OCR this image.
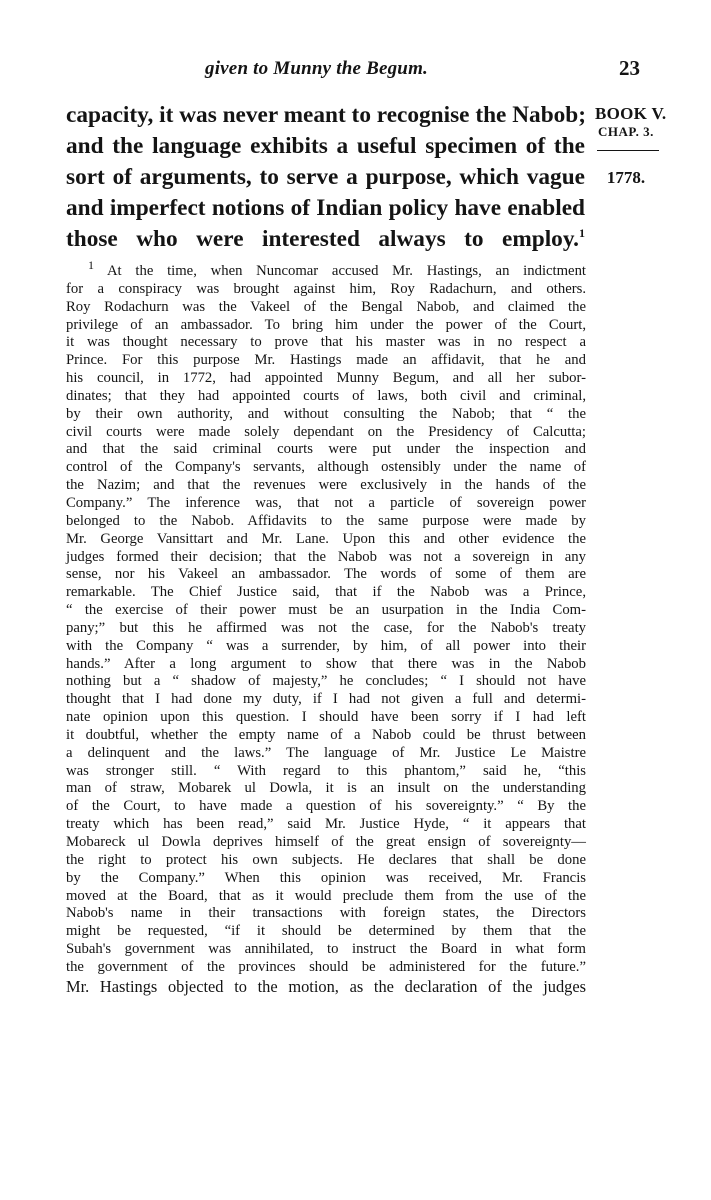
given to Munny the Begum.	23
capacity, it was never meant to recognise the Nabob;
and the language exhibits a useful specimen of the
sort of arguments, to serve a purpose, which vague
and imperfect notions of Indian policy have enabled
those who were interested always to employ.$^1$
BOOK V.
CHAP. 3.
1778.
$^1$ At the time, when Nuncomar accused Mr. Hastings, an indictment
for a conspiracy was brought against him, Roy Radachurn, and others.
Roy Rodachurn was the Vakeel of the Bengal Nabob, and claimed the
privilege of an ambassador. To bring him under the power of the Court,
it was thought necessary to prove that his master was in no respect a
Prince. For this purpose Mr. Hastings made an affidavit, that he and
his council, in 1772, had appointed Munny Begum, and all her subor-
dinates; that they had appointed courts of laws, both civil and criminal,
by their own authority, and without consulting the Nabob; that “ the
civil courts were made solely dependant on the Presidency of Calcutta;
and that the said criminal courts were put under the inspection and
control of the Company's servants, although ostensibly under the name of
the Nazim; and that the revenues were exclusively in the hands of the
Company.” The inference was, that not a particle of sovereign power
belonged to the Nabob. Affidavits to the same purpose were made by
Mr. George Vansittart and Mr. Lane. Upon this and other evidence the
judges formed their decision; that the Nabob was not a sovereign in any
sense, nor his Vakeel an ambassador. The words of some of them are
remarkable. The Chief Justice said, that if the Nabob was a Prince,
“ the exercise of their power must be an usurpation in the India Com-
pany;” but this he affirmed was not the case, for the Nabob's treaty
with the Company “ was a surrender, by him, of all power into their
hands.” After a long argument to show that there was in the Nabob
nothing but a “ shadow of majesty,” he concludes; “ I should not have
thought that I had done my duty, if I had not given a full and determi-
nate opinion upon this question. I should have been sorry if I had left
it doubtful, whether the empty name of a Nabob could be thrust between
a delinquent and the laws.” The language of Mr. Justice Le Maistre
was stronger still. “ With regard to this phantom,” said he, “this
man of straw, Mobarek ul Dowla, it is an insult on the understanding
of the Court, to have made a question of his sovereignty.” “ By the
treaty which has been read,” said Mr. Justice Hyde, “ it appears that
Mobareck ul Dowla deprives himself of the great ensign of sovereignty—
the right to protect his own subjects. He declares that shall be done
by the Company.” When this opinion was received, Mr. Francis
moved at the Board, that as it would preclude them from the use of the
Nabob's name in their transactions with foreign states, the Directors
might be requested, “if it should be determined by them that the
Subah's government was annihilated, to instruct the Board in what form
the government of the provinces should be administered for the future.”
Mr. Hastings objected to the motion, as the declaration of the judges
